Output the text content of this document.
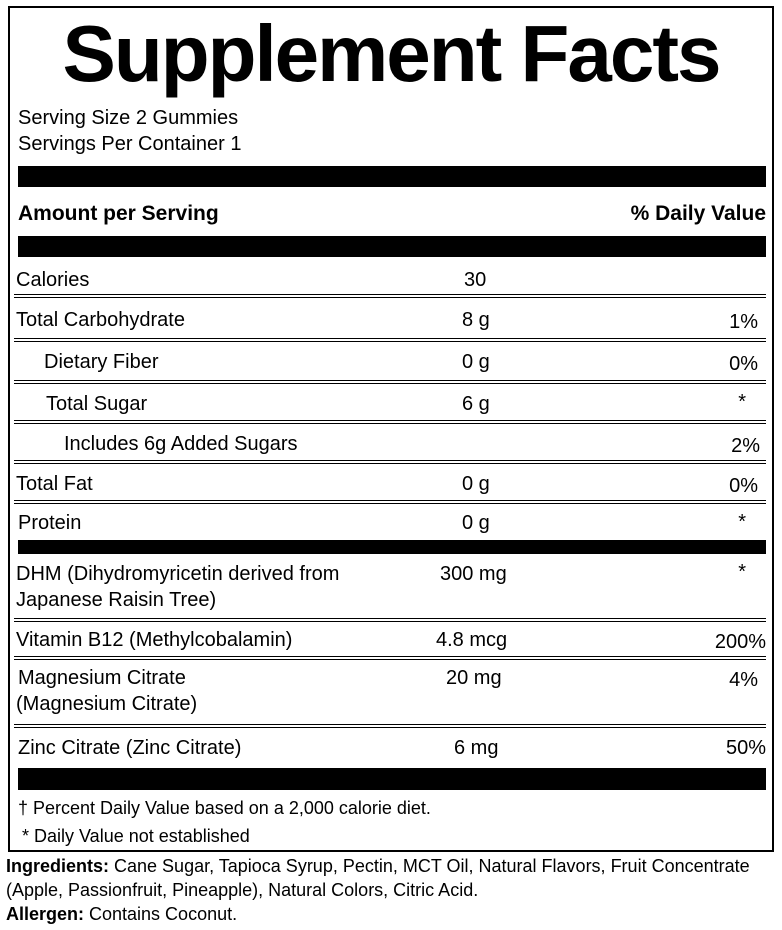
Supplement Facts
Serving Size 2 Gummies
Servings Per Container 1
Amount per Serving	% Daily Value
Calories	30
Total Carbohydrate	8 g	1%
Dietary Fiber	0 g	0%
Total Sugar	6 g	*
Includes 6g Added Sugars	2%
Total Fat	0 g	0%
Protein	0 g	*
DHM (Dihydromyricetin derived from
Japanese Raisin Tree)
300 mg	*
Vitamin B12 (Methylcobalamin)	4.8 mcg	200%
Magnesium Citrate
(Magnesium Citrate)
20 mg	4%
Zinc Citrate (Zinc Citrate)	6 mg	50%
† Percent Daily Value based on a 2,000 calorie diet.
* Daily Value not established
Ingredients: Cane Sugar, Tapioca Syrup, Pectin, MCT Oil, Natural Flavors, Fruit Concentrate (Apple, Passionfruit, Pineapple), Natural Colors, Citric Acid.
Allergen: Contains Coconut.
